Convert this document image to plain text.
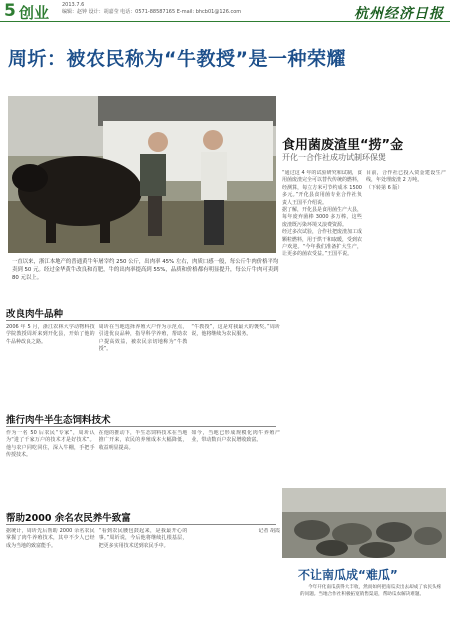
5 创业	2013.7.6
编辑：赵钟 设计：胡嘉莹 电话：0571-88587165 E-mail: bhcb01@126.com	杭州经济日报
周圻：被农民称为“牛教授”是一种荣耀
食用菌废渣里“捞”金
开化一合作社成功试制环保煲

“通过这 4 年的试验研究和试制，食用菌废渣完全可以替代传统的燃料，经测算，每立方米可节约成本 1500 多元。”开化县食用菌专业合作社负责人王国平介绍说。

据了解，开化县是食用菌生产大县，每年废弃菌棒 3000 多万棒，这些废渣既污染环境又浪费资源。

经过多次试验，合作社把废渣加工成颗粒燃料，用于烘干和取暖，受到农户欢迎。“今年我们准备扩大生产，让更多的菌农受益。”王国平说。

目前，合作社已投入资金建设生产线，年处理废渣 2 万吨。

（下转第 6 版）

一直以来，浙江本地产的普通黄牛年屠宰约 250 公斤，出肉率 45% 左右，肉质口感一般，每公斤牛肉价格平均卖到 50 元。经过金华黄牛改良和育肥，牛的出肉率提高到 55%，品质和价格都有明显提升，每公斤牛肉可卖到 80 元以上。
改良肉牛品种
2006 年 5 月，浙江农林大学动物科技学院教授周圻来到开化县，开始了他的牛品种改良之路。
周圻在当地选择养殖大户作为示范点，引进优良品种，指导科学养殖，帮助农户提高效益，被农民亲切地称为“牛教授”。
“牛教授”，这是对我最大的褒奖。”周圻说，他将继续为农民服务。
推行肉牛半生态饲料技术
作为一名 50 后农民“专家”，周圻认为“进了千家万户的技术才是好技术”。他与农户同吃同住，深入牛棚，手把手传授技术。
在他的推动下，半生态饲料技术在当地推广开来，农民的养殖成本大幅降低，收益明显提高。
如今，当地已形成规模化肉牛养殖产业，带动数百户农民增收致富。
帮助2000 余名农民养牛致富
据统计，周圻先后帮助 2000 余名农民掌握了肉牛养殖技术，其中不少人已经成为当地的致富能手。
“看到农民腰包鼓起来，是我最开心的事。”周圻说，今后他将继续扎根基层，把更多实用技术送到农民手中。
记者 胡霞
不让南瓜成“难瓜”
今年开化南瓜获得大丰收，然而如何把南瓜卖出去却成了农民头疼的问题。当地合作社积极拓宽销售渠道，帮助瓜农解决难题。
